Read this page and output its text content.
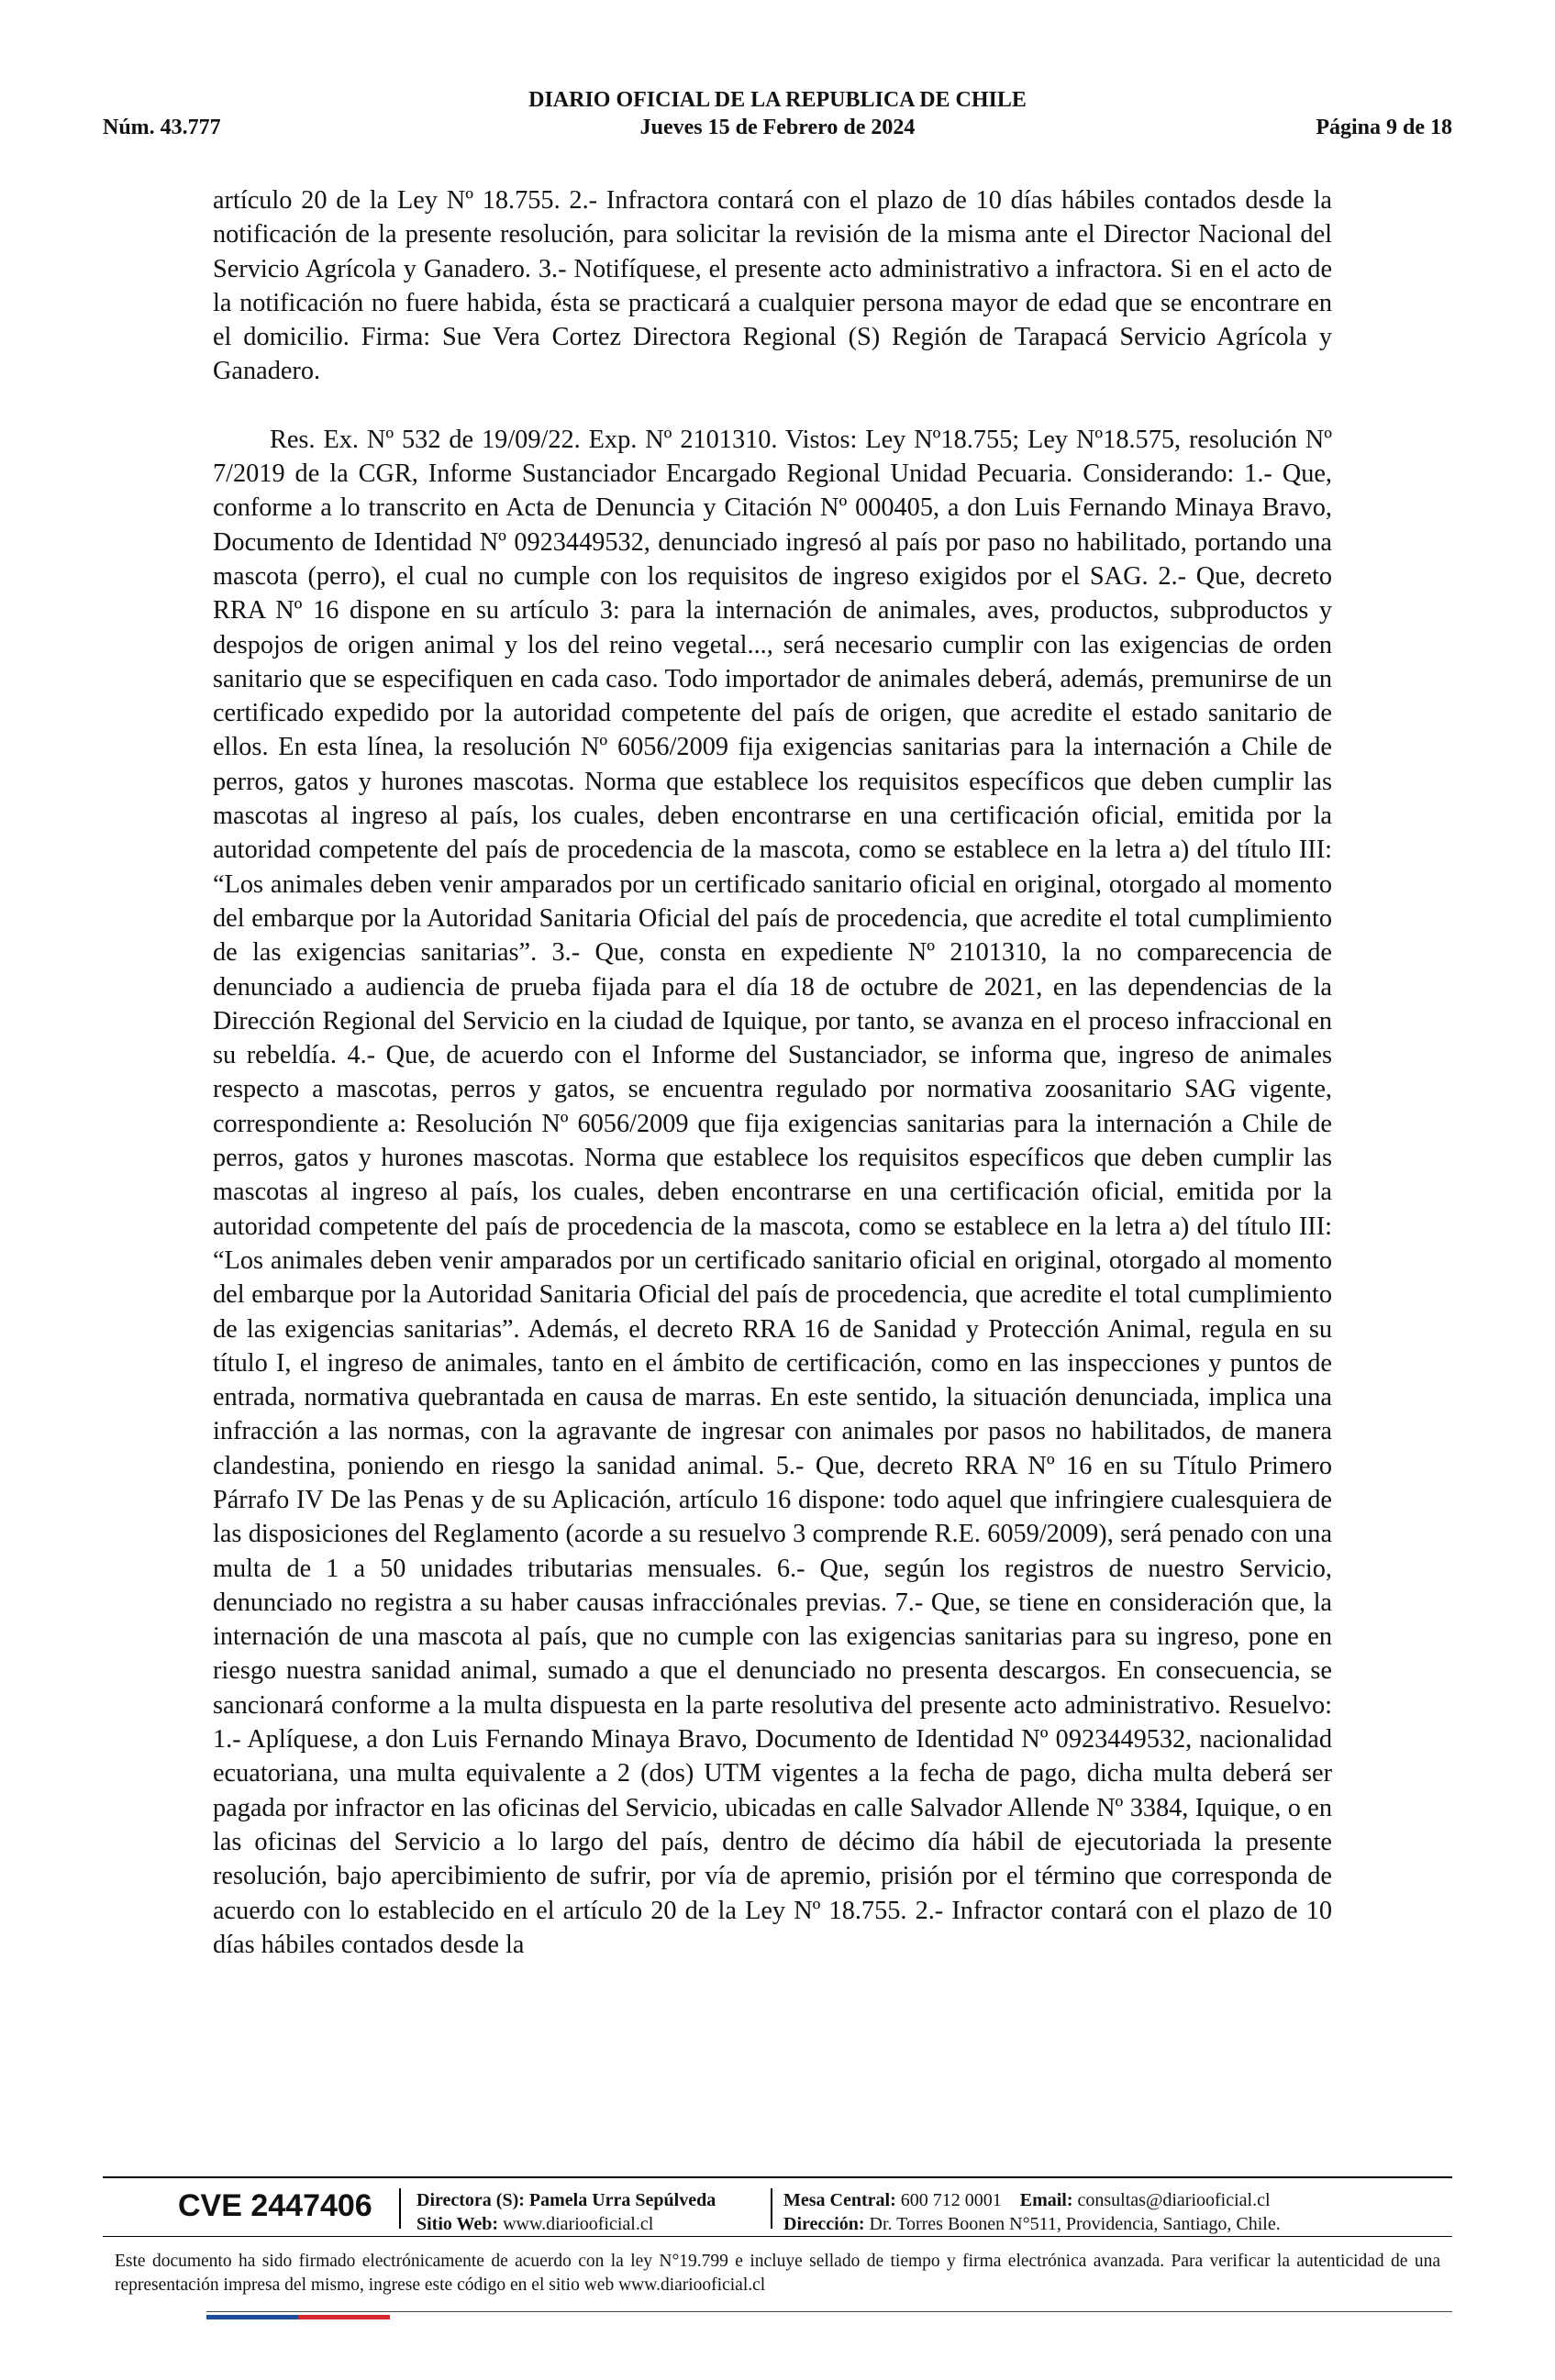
DIARIO OFICIAL DE LA REPUBLICA DE CHILE
Núm. 43.777	Jueves 15 de Febrero de 2024	Página 9 de 18

artículo 20 de la Ley Nº 18.755. 2.- Infractora contará con el plazo de 10 días hábiles contados desde la notificación de la presente resolución, para solicitar la revisión de la misma ante el Director Nacional del Servicio Agrícola y Ganadero. 3.- Notifíquese, el presente acto administrativo a infractora. Si en el acto de la notificación no fuere habida, ésta se practicará a cualquier persona mayor de edad que se encontrare en el domicilio. Firma: Sue Vera Cortez Directora Regional (S) Región de Tarapacá Servicio Agrícola y Ganadero.

Res. Ex. Nº 532 de 19/09/22. Exp. Nº 2101310. Vistos: Ley Nº18.755; Ley Nº18.575, resolución Nº 7/2019 de la CGR, Informe Sustanciador Encargado Regional Unidad Pecuaria. Considerando: 1.- Que, conforme a lo transcrito en Acta de Denuncia y Citación Nº 000405, a don Luis Fernando Minaya Bravo, Documento de Identidad Nº 0923449532, denunciado ingresó al país por paso no habilitado, portando una mascota (perro), el cual no cumple con los requisitos de ingreso exigidos por el SAG. 2.- Que, decreto RRA Nº 16 dispone en su artículo 3: para la internación de animales, aves, productos, subproductos y despojos de origen animal y los del reino vegetal..., será necesario cumplir con las exigencias de orden sanitario que se especifiquen en cada caso. Todo importador de animales deberá, además, premunirse de un certificado expedido por la autoridad competente del país de origen, que acredite el estado sanitario de ellos. En esta línea, la resolución Nº 6056/2009 fija exigencias sanitarias para la internación a Chile de perros, gatos y hurones mascotas. Norma que establece los requisitos específicos que deben cumplir las mascotas al ingreso al país, los cuales, deben encontrarse en una certificación oficial, emitida por la autoridad competente del país de procedencia de la mascota, como se establece en la letra a) del título III: “Los animales deben venir amparados por un certificado sanitario oficial en original, otorgado al momento del embarque por la Autoridad Sanitaria Oficial del país de procedencia, que acredite el total cumplimiento de las exigencias sanitarias”. 3.- Que, consta en expediente Nº 2101310, la no comparecencia de denunciado a audiencia de prueba fijada para el día 18 de octubre de 2021, en las dependencias de la Dirección Regional del Servicio en la ciudad de Iquique, por tanto, se avanza en el proceso infraccional en su rebeldía. 4.- Que, de acuerdo con el Informe del Sustanciador, se informa que, ingreso de animales respecto a mascotas, perros y gatos, se encuentra regulado por normativa zoosanitario SAG vigente, correspondiente a: Resolución Nº 6056/2009 que fija exigencias sanitarias para la internación a Chile de perros, gatos y hurones mascotas. Norma que establece los requisitos específicos que deben cumplir las mascotas al ingreso al país, los cuales, deben encontrarse en una certificación oficial, emitida por la autoridad competente del país de procedencia de la mascota, como se establece en la letra a) del título III: “Los animales deben venir amparados por un certificado sanitario oficial en original, otorgado al momento del embarque por la Autoridad Sanitaria Oficial del país de procedencia, que acredite el total cumplimiento de las exigencias sanitarias”. Además, el decreto RRA 16 de Sanidad y Protección Animal, regula en su título I, el ingreso de animales, tanto en el ámbito de certificación, como en las inspecciones y puntos de entrada, normativa quebrantada en causa de marras. En este sentido, la situación denunciada, implica una infracción a las normas, con la agravante de ingresar con animales por pasos no habilitados, de manera clandestina, poniendo en riesgo la sanidad animal. 5.- Que, decreto RRA Nº 16 en su Título Primero Párrafo IV De las Penas y de su Aplicación, artículo 16 dispone: todo aquel que infringiere cualesquiera de las disposiciones del Reglamento (acorde a su resuelvo 3 comprende R.E. 6059/2009), será penado con una multa de 1 a 50 unidades tributarias mensuales. 6.- Que, según los registros de nuestro Servicio, denunciado no registra a su haber causas infracciónales previas. 7.- Que, se tiene en consideración que, la internación de una mascota al país, que no cumple con las exigencias sanitarias para su ingreso, pone en riesgo nuestra sanidad animal, sumado a que el denunciado no presenta descargos. En consecuencia, se sancionará conforme a la multa dispuesta en la parte resolutiva del presente acto administrativo. Resuelvo: 1.- Aplíquese, a don Luis Fernando Minaya Bravo, Documento de Identidad Nº 0923449532, nacionalidad ecuatoriana, una multa equivalente a 2 (dos) UTM vigentes a la fecha de pago, dicha multa deberá ser pagada por infractor en las oficinas del Servicio, ubicadas en calle Salvador Allende Nº 3384, Iquique, o en las oficinas del Servicio a lo largo del país, dentro de décimo día hábil de ejecutoriada la presente resolución, bajo apercibimiento de sufrir, por vía de apremio, prisión por el término que corresponda de acuerdo con lo establecido en el artículo 20 de la Ley Nº 18.755. 2.- Infractor contará con el plazo de 10 días hábiles contados desde la

CVE 2447406 Directora (S): Pamela Urra Sepúlveda
Sitio Web: www.diariooficial.cl
Mesa Central: 600 712 0001 Email: consultas@diariooficial.cl
Dirección: Dr. Torres Boonen N°511, Providencia, Santiago, Chile.
Este documento ha sido firmado electrónicamente de acuerdo con la ley N°19.799 e incluye sellado de tiempo y firma electrónica avanzada. Para verificar la autenticidad de una representación impresa del mismo, ingrese este código en el sitio web www.diariooficial.cl
